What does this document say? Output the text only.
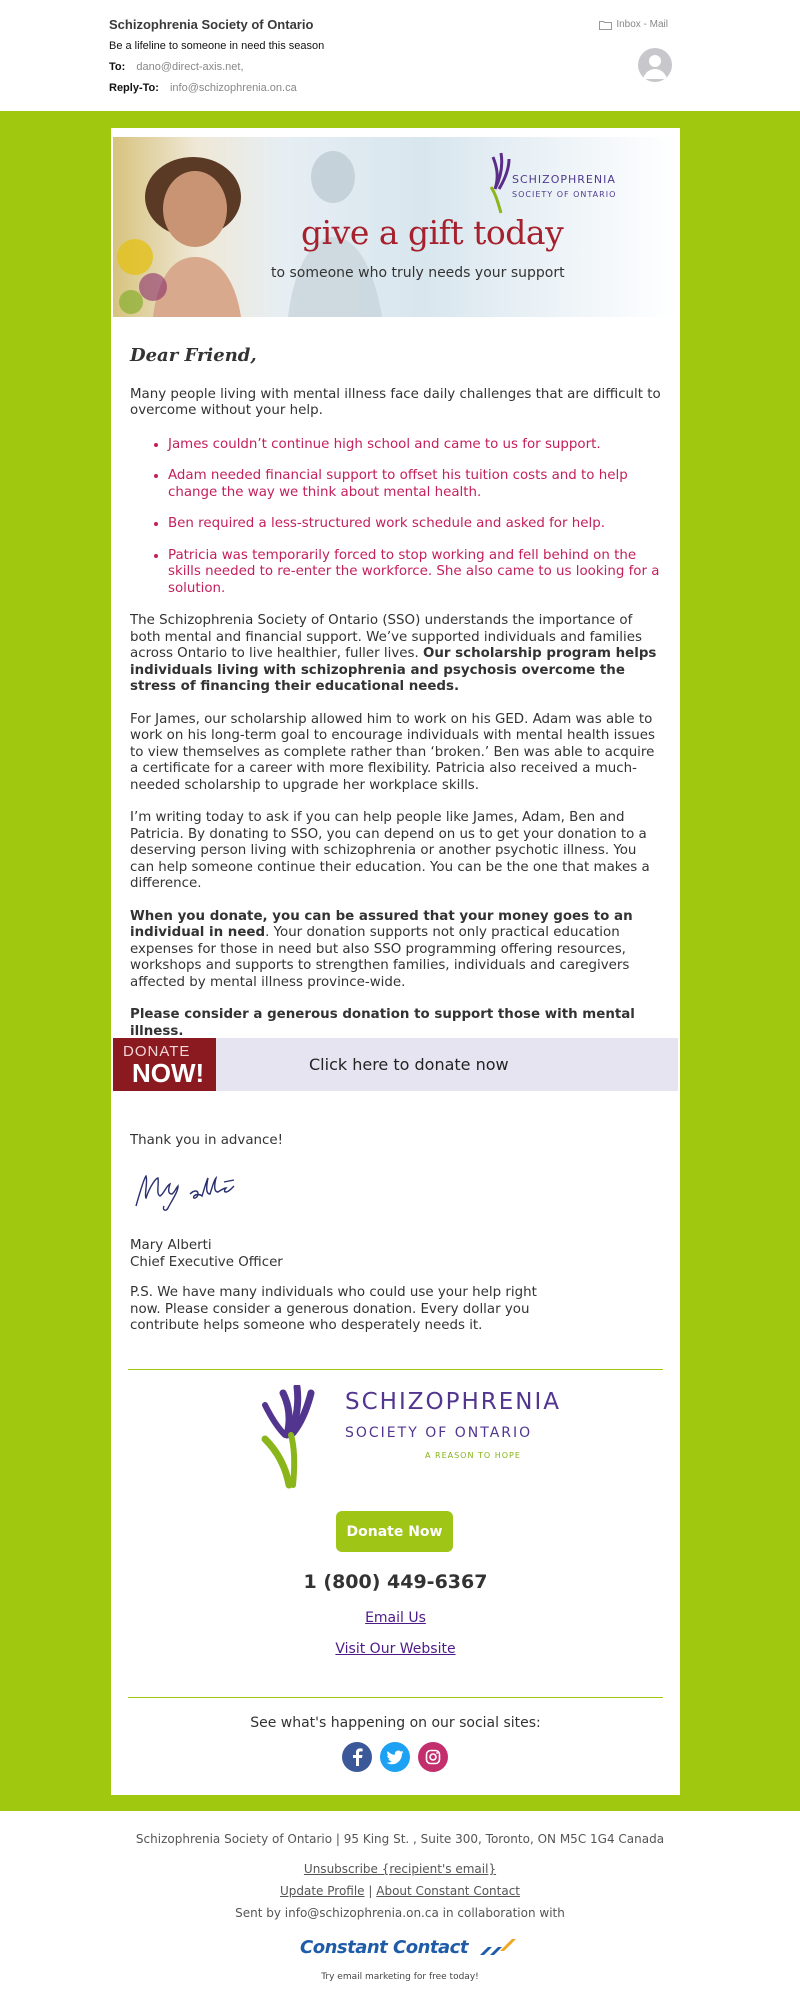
Schizophrenia Society of Ontario
Be a lifeline to someone in need this season
To: dano@direct-axis.net,
Reply-To: info@schizophrenia.on.ca
Inbox - Mail
SCHIZOPHRENIA
SOCIETY OF ONTARIO
give a gift today
to someone who truly needs your support
Dear Friend,

Many people living with mental illness face daily challenges that are difficult to overcome without your help.

• James couldn’t continue high school and came to us for support.
• Adam needed financial support to offset his tuition costs and to help change the way we think about mental health.
• Ben required a less-structured work schedule and asked for help.
• Patricia was temporarily forced to stop working and fell behind on the skills needed to re-enter the workforce. She also came to us looking for a solution.

The Schizophrenia Society of Ontario (SSO) understands the importance of both mental and financial support. We’ve supported individuals and families across Ontario to live healthier, fuller lives. Our scholarship program helps individuals living with schizophrenia and psychosis overcome the stress of financing their educational needs.

For James, our scholarship allowed him to work on his GED. Adam was able to work on his long-term goal to encourage individuals with mental health issues to view themselves as complete rather than ‘broken.’ Ben was able to acquire a certificate for a career with more flexibility. Patricia also received a much-needed scholarship to upgrade her workplace skills.

I’m writing today to ask if you can help people like James, Adam, Ben and Patricia. By donating to SSO, you can depend on us to get your donation to a deserving person living with schizophrenia or another psychotic illness. You can help someone continue their education. You can be the one that makes a difference.

When you donate, you can be assured that your money goes to an individual in need. Your donation supports not only practical education expenses for those in need but also SSO programming offering resources, workshops and supports to strengthen families, individuals and caregivers affected by mental illness province-wide.

Please consider a generous donation to support those with mental illness.

DONATE
NOW!	Click here to donate now
Thank you in advance!
Mary Alberti
Chief Executive Officer
P.S. We have many individuals who could use your help right now. Please consider a generous donation. Every dollar you contribute helps someone who desperately needs it.
SCHIZOPHRENIA
SOCIETY OF ONTARIO
A REASON TO HOPE
Donate Now
1 (800) 449-6367
Email Us
Visit Our Website
See what's happening on our social sites:
Schizophrenia Society of Ontario | 95 King St. , Suite 300, Toronto, ON M5C 1G4 Canada
Unsubscribe {recipient's email}
Update Profile | About Constant Contact
Sent by info@schizophrenia.on.ca in collaboration with
Constant Contact
Try email marketing for free today!
